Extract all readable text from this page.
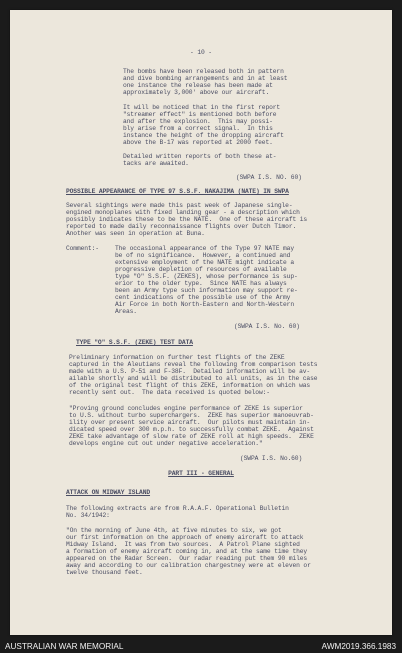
- 10 -
The bombs have been released both in pattern
and dive bombing arrangements and in at least
one instance the release has been made at
approximately 3,000' above our aircraft.
It will be noticed that in the first report
"streamer effect" is mentioned both before
and after the explosion.  This may possi-
bly arise from a correct signal.  In this
instance the height of the dropping aircraft
above the B-17 was reported at 2000 feet.
Detailed written reports of both these at-
tacks are awaited.
(SWPA I.S. NO. 60)
POSSIBLE APPEARANCE OF TYPE 97 S.S.F. NAKAJIMA (NATE) IN SWPA
Several sightings were made this past week of Japanese single-
engined monoplanes with fixed landing gear - a description which
possibly indicates these to be the NATE.  One of these aircraft is
reported to made daily reconnaissance flights over Dutch Timor.
Another was seen in operation at Buna.
Comment:-	The occasional appearance of the Type 97 NATE may
be of no significance.  However, a continued and
extensive employment of the NATE might indicate a
progressive depletion of resources of available
type "O" S.S.F. (ZEKES), whose performance is sup-
erior to the older type.  Since NATE has always
been an Army type such information may support re-
cent indications of the possible use of the Army
Air Force in both North-Eastern and North-Western
Areas.
(SWPA I.S. No. 60)
TYPE "O" S.S.F. (ZEKE) TEST DATA
Preliminary information on further test flights of the ZEKE
captured in the Aleutians reveal the following from comparison tests
made with a U.S. P-51 and F-38F.  Detailed information will be av-
ailable shortly and will be distributed to all units, as in the case
of the original test flight of this ZEKE, information on which was
recently sent out.  The data received is quoted below:-
"Proving ground concludes engine performance of ZEKE is superior
to U.S. without turbo superchargers.  ZEKE has superior manoeuvrab-
ility over present service aircraft.  Our pilots must maintain in-
dicated speed over 300 m.p.h. to successfully combat ZEKE.  Against
ZEKE take advantage of slow rate of ZEKE roll at high speeds.  ZEKE
develops engine cut out under negative acceleration."
(SWPA I.S. No.60)
PART III - GENERAL
ATTACK ON MIDWAY ISLAND
The following extracts are from R.A.A.F. Operational Bulletin
No. 34/1942:
"On the morning of June 4th, at five minutes to six, we got
our first information on the approach of enemy aircraft to attack
Midway Island.  It was from two sources.  A Patrol Plane sighted
a formation of enemy aircraft coming in, and at the same time they
appeared on the Radar Screen.  Our radar reading put them 90 miles
away and according to our calibration chargestney were at eleven or
twelve thousand feet.
AUSTRALIAN WAR MEMORIAL	AWM2019.366.1983
